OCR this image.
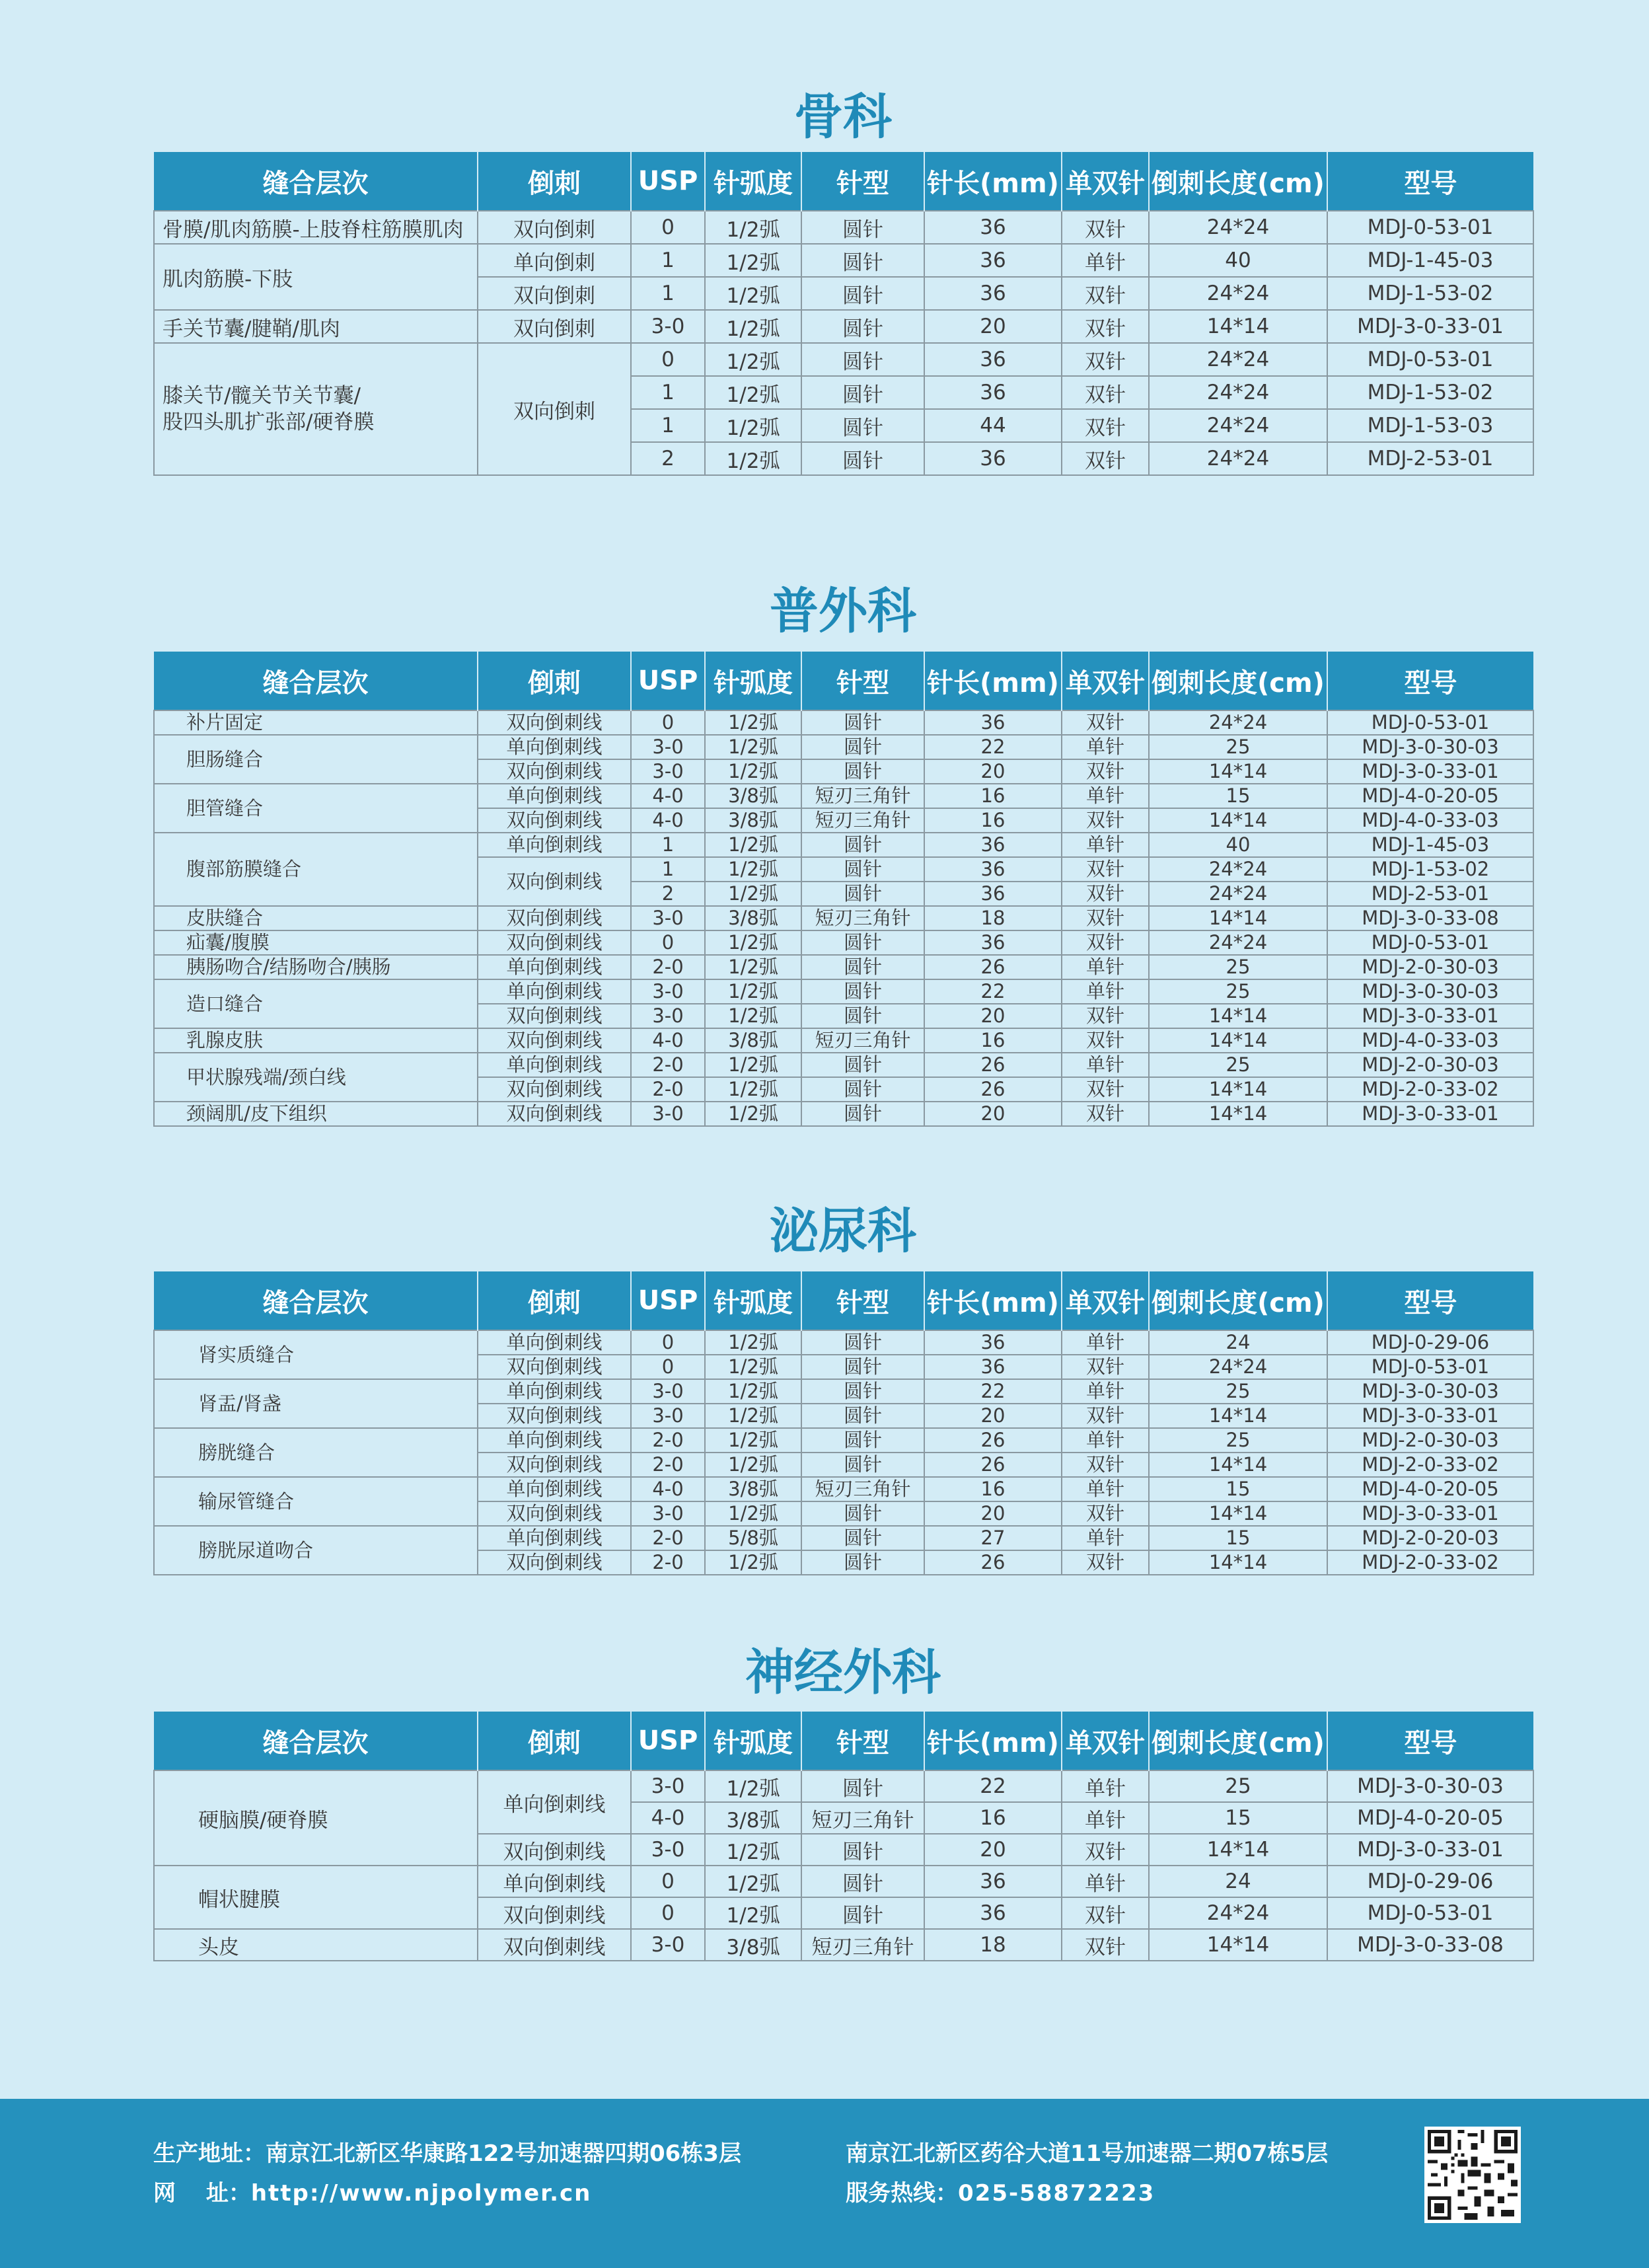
骨科
缝合层次	倒刺	USP	针弧度	针型	针长(mm)	单双针	倒刺长度(cm)	型号
骨膜/肌肉筋膜-上肢脊柱筋膜肌肉	双向倒刺	0	1/2弧	圆针	36	双针	24*24	MDJ-0-53-01
肌肉筋膜-下肢	单向倒刺	1	1/2弧	圆针	36	单针	40	MDJ-1-45-03
	双向倒刺	1	1/2弧	圆针	36	双针	24*24	MDJ-1-53-02
手关节囊/腱鞘/肌肉	双向倒刺	3-0	1/2弧	圆针	20	双针	14*14	MDJ-3-0-33-01
膝关节/髋关节关节囊/
股四头肌扩张部/硬脊膜	双向倒刺	0	1/2弧	圆针	36	双针	24*24	MDJ-0-53-01
		1	1/2弧	圆针	36	双针	24*24	MDJ-1-53-02
		1	1/2弧	圆针	44	双针	24*24	MDJ-1-53-03
		2	1/2弧	圆针	36	双针	24*24	MDJ-2-53-01
普外科
缝合层次	倒刺	USP	针弧度	针型	针长(mm)	单双针	倒刺长度(cm)	型号
补片固定	双向倒刺线	0	1/2弧	圆针	36	双针	24*24	MDJ-0-53-01
胆肠缝合	单向倒刺线	3-0	1/2弧	圆针	22	单针	25	MDJ-3-0-30-03
	双向倒刺线	3-0	1/2弧	圆针	20	双针	14*14	MDJ-3-0-33-01
胆管缝合	单向倒刺线	4-0	3/8弧	短刃三角针	16	单针	15	MDJ-4-0-20-05
	双向倒刺线	4-0	3/8弧	短刃三角针	16	双针	14*14	MDJ-4-0-33-03
腹部筋膜缝合	单向倒刺线	1	1/2弧	圆针	36	单针	40	MDJ-1-45-03
	双向倒刺线	1	1/2弧	圆针	36	双针	24*24	MDJ-1-53-02
		2	1/2弧	圆针	36	双针	24*24	MDJ-2-53-01
皮肤缝合	双向倒刺线	3-0	3/8弧	短刃三角针	18	双针	14*14	MDJ-3-0-33-08
疝囊/腹膜	双向倒刺线	0	1/2弧	圆针	36	双针	24*24	MDJ-0-53-01
胰肠吻合/结肠吻合/胰肠	单向倒刺线	2-0	1/2弧	圆针	26	单针	25	MDJ-2-0-30-03
造口缝合	单向倒刺线	3-0	1/2弧	圆针	22	单针	25	MDJ-3-0-30-03
	双向倒刺线	3-0	1/2弧	圆针	20	双针	14*14	MDJ-3-0-33-01
乳腺皮肤	双向倒刺线	4-0	3/8弧	短刃三角针	16	双针	14*14	MDJ-4-0-33-03
甲状腺残端/颈白线	单向倒刺线	2-0	1/2弧	圆针	26	单针	25	MDJ-2-0-30-03
	双向倒刺线	2-0	1/2弧	圆针	26	双针	14*14	MDJ-2-0-33-02
颈阔肌/皮下组织	双向倒刺线	3-0	1/2弧	圆针	20	双针	14*14	MDJ-3-0-33-01
泌尿科
缝合层次	倒刺	USP	针弧度	针型	针长(mm)	单双针	倒刺长度(cm)	型号
肾实质缝合	单向倒刺线	0	1/2弧	圆针	36	单针	24	MDJ-0-29-06
	双向倒刺线	0	1/2弧	圆针	36	双针	24*24	MDJ-0-53-01
肾盂/肾盏	单向倒刺线	3-0	1/2弧	圆针	22	单针	25	MDJ-3-0-30-03
	双向倒刺线	3-0	1/2弧	圆针	20	双针	14*14	MDJ-3-0-33-01
膀胱缝合	单向倒刺线	2-0	1/2弧	圆针	26	单针	25	MDJ-2-0-30-03
	双向倒刺线	2-0	1/2弧	圆针	26	双针	14*14	MDJ-2-0-33-02
输尿管缝合	单向倒刺线	4-0	3/8弧	短刃三角针	16	单针	15	MDJ-4-0-20-05
	双向倒刺线	3-0	1/2弧	圆针	20	双针	14*14	MDJ-3-0-33-01
膀胱尿道吻合	单向倒刺线	2-0	5/8弧	圆针	27	单针	15	MDJ-2-0-20-03
	双向倒刺线	2-0	1/2弧	圆针	26	双针	14*14	MDJ-2-0-33-02
神经外科
缝合层次	倒刺	USP	针弧度	针型	针长(mm)	单双针	倒刺长度(cm)	型号
硬脑膜/硬脊膜	单向倒刺线	3-0	1/2弧	圆针	22	单针	25	MDJ-3-0-30-03
		4-0	3/8弧	短刃三角针	16	单针	15	MDJ-4-0-20-05
	双向倒刺线	3-0	1/2弧	圆针	20	双针	14*14	MDJ-3-0-33-01
帽状腱膜	单向倒刺线	0	1/2弧	圆针	36	单针	24	MDJ-0-29-06
	双向倒刺线	0	1/2弧	圆针	36	双针	24*24	MDJ-0-53-01
头皮	双向倒刺线	3-0	3/8弧	短刃三角针	18	双针	14*14	MDJ-3-0-33-08
生产地址：南京江北新区华康路122号加速器四期06栋3层	南京江北新区药谷大道11号加速器二期07栋5层
网　 址：http://www.njpolymer.cn	服务热线：025-58872223
